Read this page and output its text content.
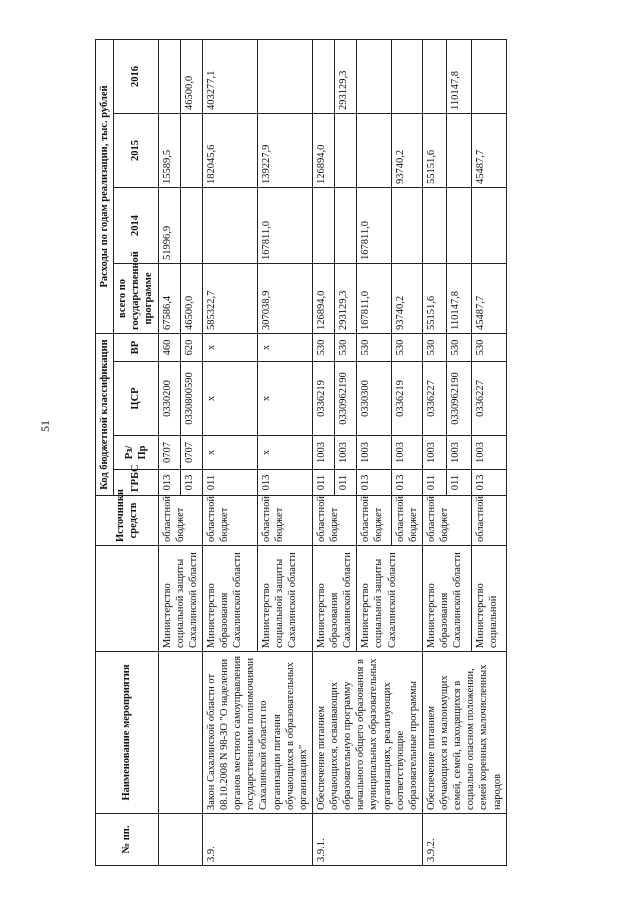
51
№ пп.	Наименование мероприятия		Источники средств	Код бюджетной классификации				Расходы по годам реализации, тыс. рублей			
				ГРБС	Рз/Пр	ЦСР	ВР	всего по государственной программе	2014	2015	2016
		Министерство социальной защиты Сахалинской области	областной бюджет	013	0707	0330200	460	67586,4	51996,9	15589,5	
				013	0707	0330800590	620	46500,0			46500,0
3.9.	Закон Сахалинской области от 08.10.2008 N 98-ЗО "О наделении органов местного самоуправления государственными полномочиями Сахалинской области по организации питания обучающихся в образовательных организациях"	Министерство образования Сахалинской области	областной бюджет	011	x	x	x	585322,7		182045,6	403277,1
		Министерство социальной защиты Сахалинской области	областной бюджет	013	x	x	x	307038,9	167811,0	139227,9	
3.9.1.	Обеспечение питанием обучающихся, осваивающих образовательную программу начального общего образования в муниципальных образовательных организациях, реализующих соответствующие образовательные программы	Министерство образования Сахалинской области	областной бюджет	011	1003	0336219	530	126894,0		126894,0	
				011	1003	0330962190	530	293129,3			293129,3
		Министерство социальной защиты Сахалинской области	областной бюджет	013	1003	0330300	530	167811,0	167811,0		
			областной бюджет	013	1003	0336219	530	93740,2		93740,2	
3.9.2.	Обеспечение питанием обучающихся из малоимущих семей, семей, находящихся в социально опасном положении, семей коренных малочисленных народов	Министерство образования Сахалинской области	областной бюджет	011	1003	0336227	530	55151,6		55151,6	
				011	1003	0330962190	530	110147,8			110147,8
		Министерство социальной	областной	013	1003	0336227	530	45487,7		45487,7	
